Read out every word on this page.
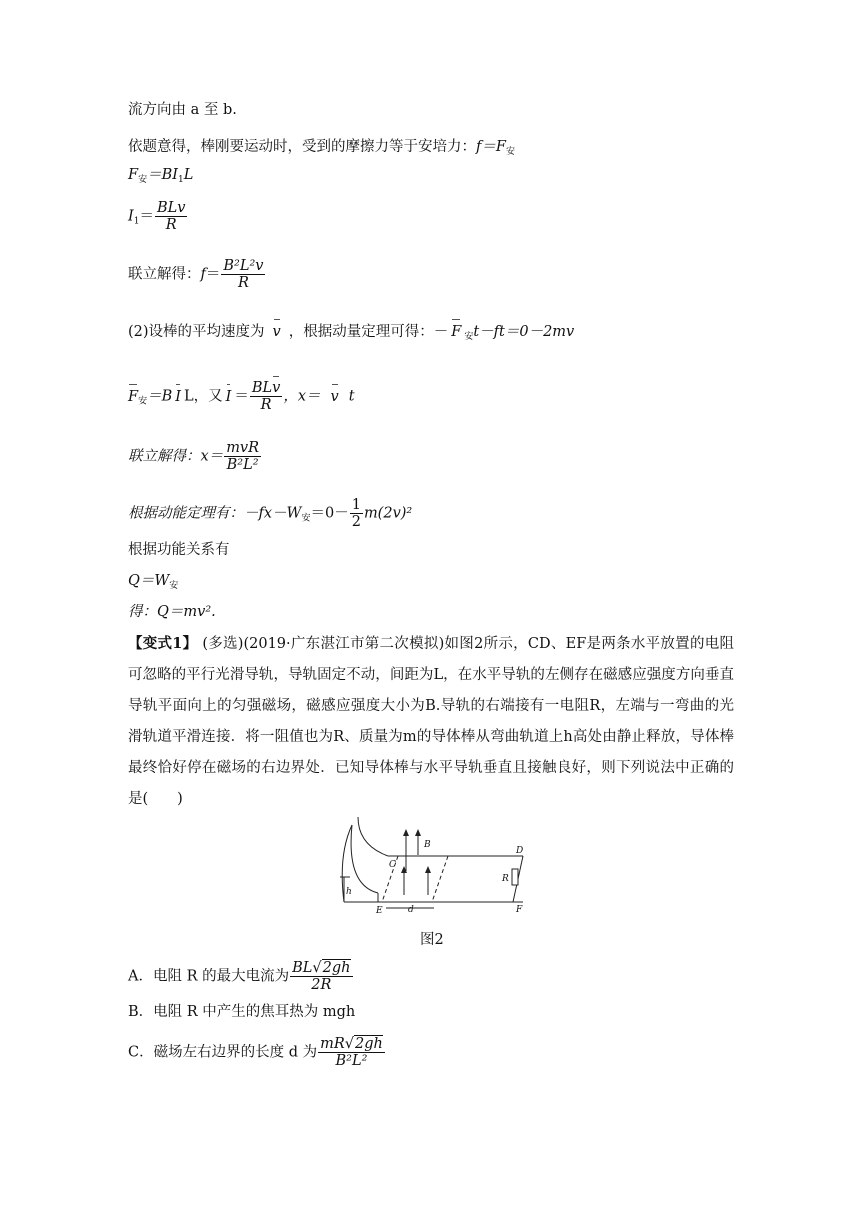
流方向由 a 至 b.
依题意得，棒刚要运动时，受到的摩擦力等于安培力：$f=F_安$
$F_安=BI_1L$
$I_1= \frac{\text{BLv}}{R}$
联立解得：$f= \frac{\text{B²L²v}}{R}$
(2)设棒的平均速度为 v ，根据动量定理可得：－ F $_安$t－ft＝0－2mv
$F_安=B$ I L，又 $I = \frac{\text{BLv}}{R}$ ，x＝ v t
联立解得：$x= \frac{\text{mvR}}{\text{B²L²}}$
根据动能定理有：$-fx-W_安=0- \frac{1}{2} m(2v)^2$
根据功能关系有
$Q=W_安$
得：Q＝mv².
【变式1】 (多选)(2019·广东湛江市第二次模拟)如图2所示，CD、EF是两条水平放置的电阻可忽略的平行光滑导轨，导轨固定不动，间距为L，在水平导轨的左侧存在磁感应强度方向垂直导轨平面向上的匀强磁场，磁感应强度大小为B.导轨的右端接有一电阻R，左端与一弯曲的光滑轨道平滑连接．将一阻值也为R、质量为m的导体棒从弯曲轨道上h高处由静止释放，导体棒最终恰好停在磁场的右边界处．已知导体棒与水平导轨垂直且接触良好，则下列说法中正确的是(　　)
B
C
D
E	F
R
h
d
图2
A．电阻 R 的最大电流为 $\frac{BL√2gh}{2R}$
B．电阻 R 中产生的焦耳热为 mgh
C．磁场左右边界的长度 d 为 $\frac{mR√2gh}{\text{B²L²}}$
